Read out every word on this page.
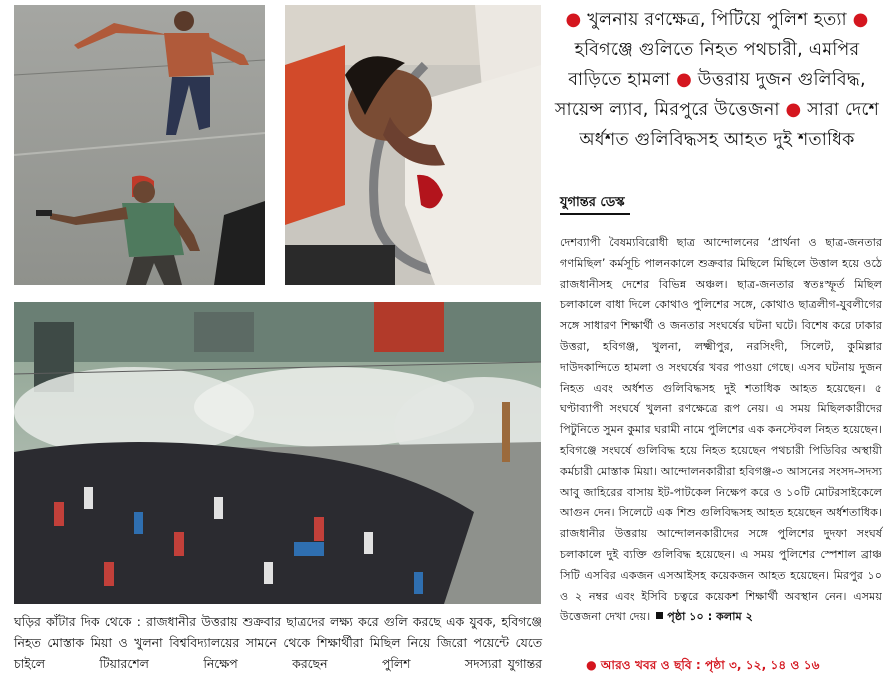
ঘড়ির কাঁটার দিক থেকে : রাজধানীর উত্তরায় শুক্রবার ছাত্রদের লক্ষ্য করে গুলি করছে এক যুবক, হবিগঞ্জে নিহত মোস্তাক মিয়া ও খুলনা বিশ্ববিদ্যালয়ের সামনে থেকে শিক্ষার্থীরা মিছিল নিয়ে জিরো পয়েন্টে যেতে চাইলে টিয়ারশেল নিক্ষেপ করছেন পুলিশ সদস্যরা যুগান্তর
● খুলনায় রণক্ষেত্র, পিটিয়ে পুলিশ হত্যা ● হবিগঞ্জে গুলিতে নিহত পথচারী, এমপির বাড়িতে হামলা ● উত্তরায় দুজন গুলিবিদ্ধ, সায়েন্স ল্যাব, মিরপুরে উত্তেজনা ● সারা দেশে অর্ধশত গুলিবিদ্ধসহ আহত দুই শতাধিক
যুগান্তর ডেস্ক
দেশব্যাপী বৈষম্যবিরোধী ছাত্র আন্দোলনের ‘প্রার্থনা ও ছাত্র-জনতার গণমিছিল’ কর্মসূচি পালনকালে শুক্রবার মিছিলে মিছিলে উত্তাল হয়ে ওঠে রাজধানীসহ দেশের বিভিন্ন অঞ্চল। ছাত্র-জনতার স্বতঃস্ফূর্ত মিছিল চলাকালে বাধা দিলে কোথাও পুলিশের সঙ্গে, কোথাও ছাত্রলীগ-যুবলীগের সঙ্গে সাধারণ শিক্ষার্থী ও জনতার সংঘর্ষের ঘটনা ঘটে। বিশেষ করে ঢাকার উত্তরা, হবিগঞ্জ, খুলনা, লক্ষ্মীপুর, নরসিংদী, সিলেট, কুমিল্লার দাউদকান্দিতে হামলা ও সংঘর্ষের খবর পাওয়া গেছে। এসব ঘটনায় দুজন নিহত এবং অর্ধশত গুলিবিদ্ধসহ দুই শতাধিক আহত হয়েছেন। ৫ ঘণ্টাব্যাপী সংঘর্ষে খুলনা রণক্ষেত্রে রূপ নেয়। এ সময় মিছিলকারীদের পিটুনিতে সুমন কুমার ঘরামী নামে পুলিশের এক কনস্টেবল নিহত হয়েছেন। হবিগঞ্জে সংঘর্ষে গুলিবিদ্ধ হয়ে নিহত হয়েছেন পথচারী পিডিবির অস্থায়ী কর্মচারী মোস্তাক মিয়া। আন্দোলনকারীরা হবিগঞ্জ-৩ আসনের সংসদ-সদস্য আবু জাহিরের বাসায় ইট-পাটকেল নিক্ষেপ করে ও ১০টি মোটরসাইকেলে আগুন দেন। সিলেটে এক শিশু গুলিবিদ্ধসহ আহত হয়েছেন অর্ধশতাধিক। রাজধানীর উত্তরায় আন্দোলনকারীদের সঙ্গে পুলিশের দুদফা সংঘর্ষ চলাকালে দুই ব্যক্তি গুলিবিদ্ধ হয়েছেন। এ সময় পুলিশের স্পেশাল ব্রাঞ্চ সিটি এসবির একজন এসআইসহ কয়েকজন আহত হয়েছেন। মিরপুর ১০ ও ২ নম্বর এবং ইসিবি চত্বরে কয়েকশ শিক্ষার্থী অবস্থান নেন। এসময় উত্তেজনা দেখা দেয়। পৃষ্ঠা ১০ : কলাম ২
● আরও খবর ও ছবি : পৃষ্ঠা ৩, ১২, ১৪ ও ১৬
